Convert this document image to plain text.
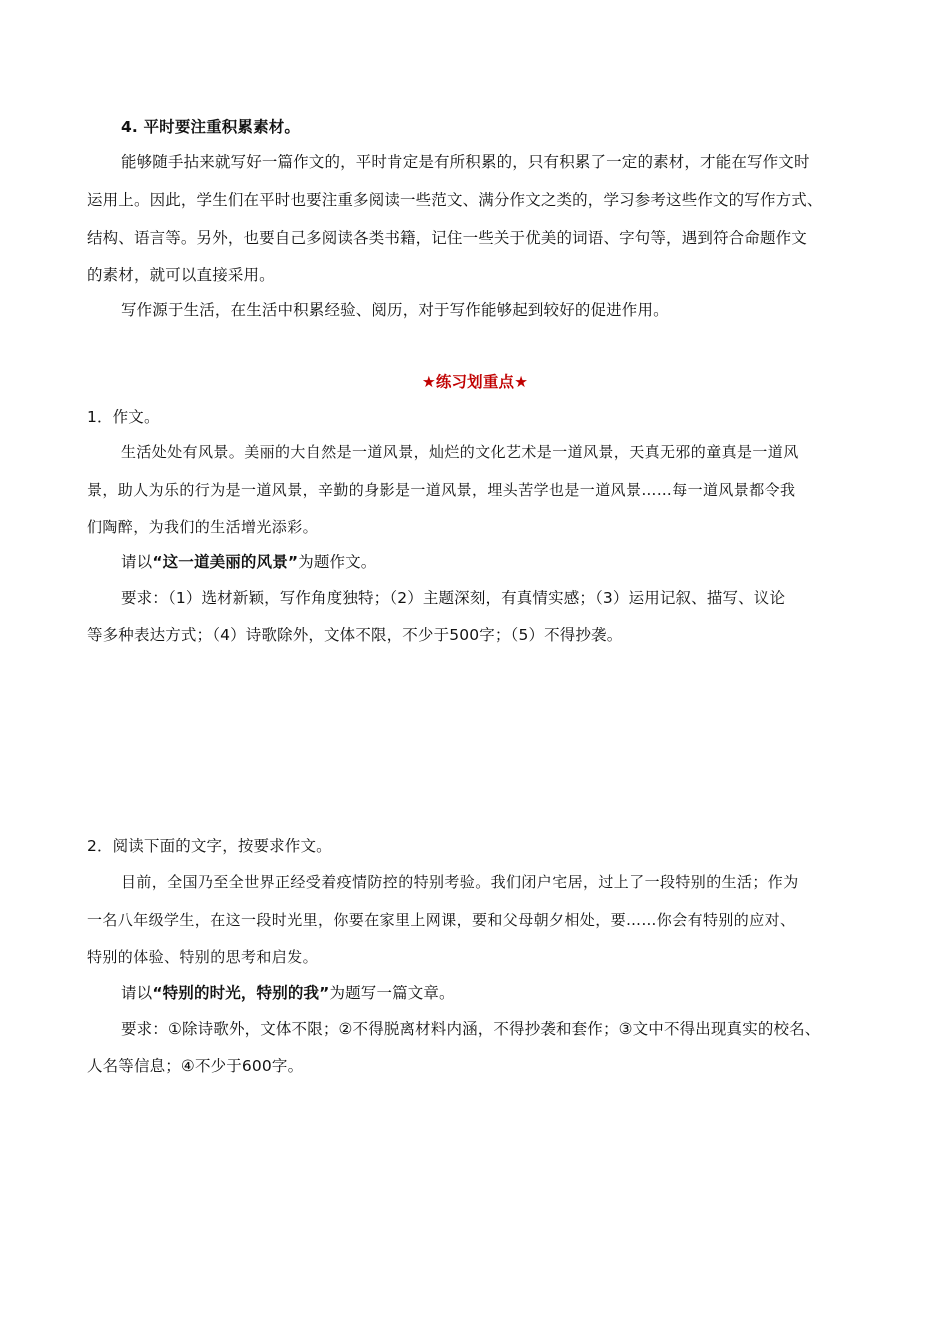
4. 平时要注重积累素材。
能够随手拈来就写好一篇作文的，平时肯定是有所积累的，只有积累了一定的素材，才能在写作文时
运用上。因此，学生们在平时也要注重多阅读一些范文、满分作文之类的，学习参考这些作文的写作方式、
结构、语言等。另外，也要自己多阅读各类书籍，记住一些关于优美的词语、字句等，遇到符合命题作文
的素材，就可以直接采用。
写作源于生活，在生活中积累经验、阅历，对于写作能够起到较好的促进作用。
★练习划重点★
1．作文。
生活处处有风景。美丽的大自然是一道风景，灿烂的文化艺术是一道风景，天真无邪的童真是一道风
景，助人为乐的行为是一道风景，辛勤的身影是一道风景，埋头苦学也是一道风景……每一道风景都令我
们陶醉，为我们的生活增光添彩。
请以“这一道美丽的风景”为题作文。
要求：（1）选材新颖，写作角度独特；（2）主题深刻，有真情实感；（3）运用记叙、描写、议论
等多种表达方式；（4）诗歌除外，文体不限，不少于500字；（5）不得抄袭。
2．阅读下面的文字，按要求作文。
目前，全国乃至全世界正经受着疫情防控的特别考验。我们闭户宅居，过上了一段特别的生活；作为
一名八年级学生，在这一段时光里，你要在家里上网课，要和父母朝夕相处，要……你会有特别的应对、
特别的体验、特别的思考和启发。
请以“特别的时光，特别的我”为题写一篇文章。
要求：①除诗歌外，文体不限；②不得脱离材料内涵，不得抄袭和套作；③文中不得出现真实的校名、
人名等信息；④不少于600字。
